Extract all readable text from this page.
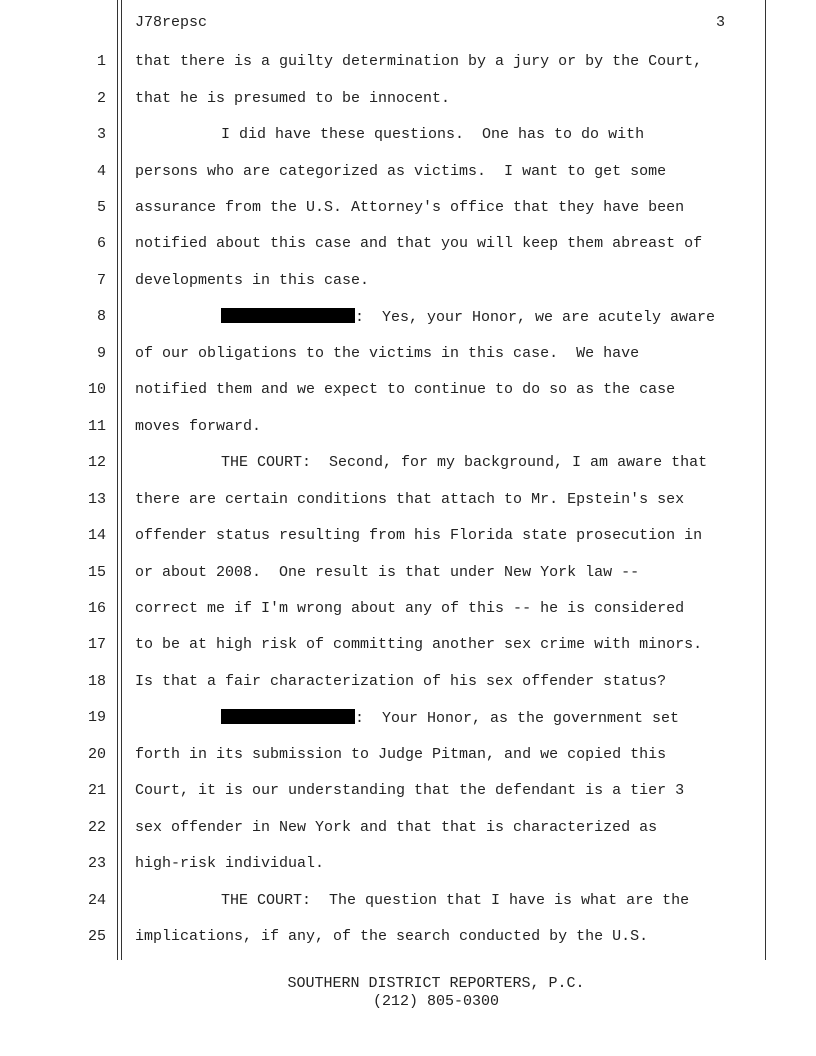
J78repsc	3
1 that there is a guilty determination by a jury or by the Court,
2 that he is presumed to be innocent.
3	I did have these questions.  One has to do with
4 persons who are categorized as victims.  I want to get some
5 assurance from the U.S. Attorney's office that they have been
6 notified about this case and that you will keep them abreast of
7 developments in this case.
8	:  Yes, your Honor, we are acutely aware
9 of our obligations to the victims in this case.  We have
10 notified them and we expect to continue to do so as the case
11 moves forward.
12	THE COURT:  Second, for my background, I am aware that
13 there are certain conditions that attach to Mr. Epstein's sex
14 offender status resulting from his Florida state prosecution in
15 or about 2008.  One result is that under New York law --
16 correct me if I'm wrong about any of this -- he is considered
17 to be at high risk of committing another sex crime with minors.
18 Is that a fair characterization of his sex offender status?
19	:  Your Honor, as the government set
20 forth in its submission to Judge Pitman, and we copied this
21 Court, it is our understanding that the defendant is a tier 3
22 sex offender in New York and that that is characterized as
23 high-risk individual.
24	THE COURT:  The question that I have is what are the
25 implications, if any, of the search conducted by the U.S.
SOUTHERN DISTRICT REPORTERS, P.C.
(212) 805-0300
